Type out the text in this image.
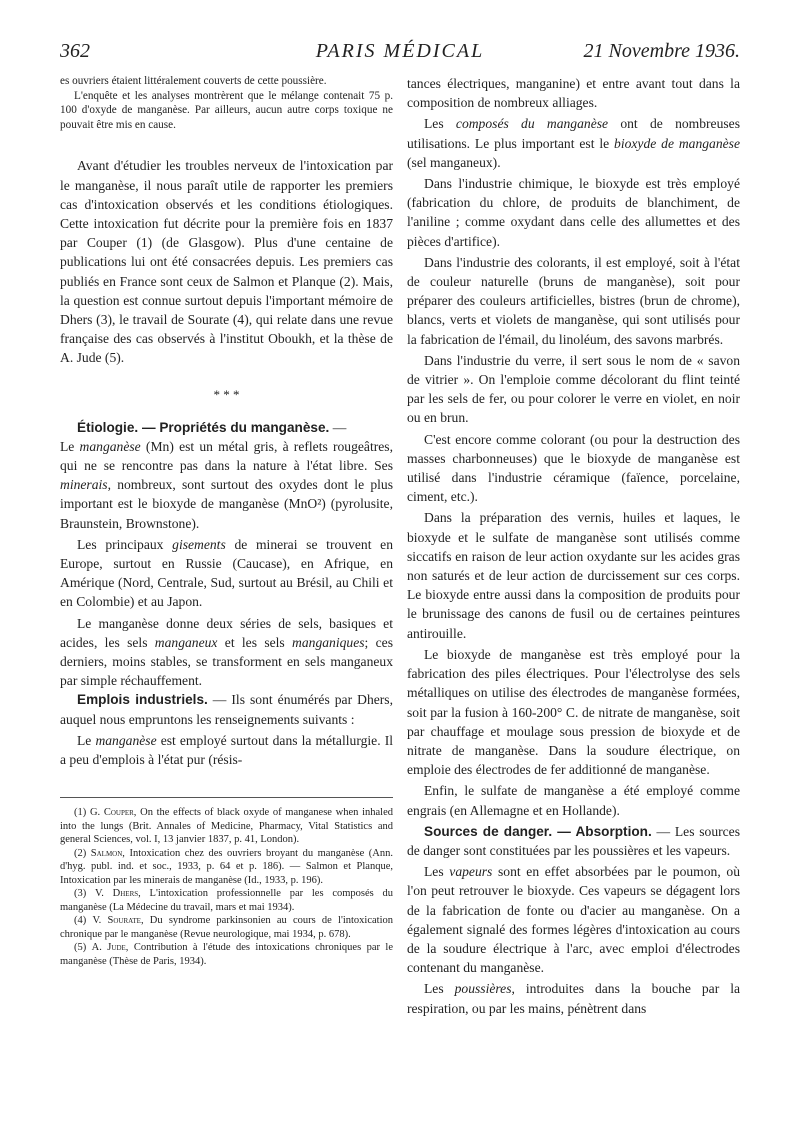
362	PARIS MÉDICAL	21 Novembre 1936.

es ouvriers étaient littéralement couverts de cette poussière.

L'enquête et les analyses montrèrent que le mélange contenait 75 p. 100 d'oxyde de manganèse. Par ailleurs, aucun autre corps toxique ne pouvait être mis en cause.

Avant d'étudier les troubles nerveux de l'intoxication par le manganèse, il nous paraît utile de rapporter les premiers cas d'intoxication observés et les conditions étiologiques. Cette intoxication fut décrite pour la première fois en 1837 par Couper (1) (de Glasgow). Plus d'une centaine de publications lui ont été consacrées depuis. Les premiers cas publiés en France sont ceux de Salmon et Planque (2). Mais, la question est connue surtout depuis l'important mémoire de Dhers (3), le travail de Sourate (4), qui relate dans une revue française des cas observés à l'institut Oboukh, et la thèse de A. Jude (5).

* * *

Étiologie. — Propriétés du manganèse. —
Le manganèse (Mn) est un métal gris, à reflets rougeâtres, qui ne se rencontre pas dans la nature à l'état libre. Ses minerais, nombreux, sont surtout des oxydes dont le plus important est le bioxyde de manganèse (MnO²) (pyrolusite, Braunstein, Brownstone).

Les principaux gisements de minerai se trouvent en Europe, surtout en Russie (Caucase), en Afrique, en Amérique (Nord, Centrale, Sud, surtout au Brésil, au Chili et en Colombie) et au Japon.

Le manganèse donne deux séries de sels, basiques et acides, les sels manganeux et les sels manganiques; ces derniers, moins stables, se transforment en sels manganeux par simple réchauffement.

Emplois industriels. — Ils sont énumérés par Dhers, auquel nous empruntons les renseignements suivants :

Le manganèse est employé surtout dans la métallurgie. Il a peu d'emplois à l'état pur (résis-

(1) G. Couper, On the effects of black oxyde of manganese when inhaled into the lungs (Brit. Annales of Medicine, Pharmacy, Vital Statistics and general Sciences, vol. I, 13 janvier 1837, p. 41, London).

(2) Salmon, Intoxication chez des ouvriers broyant du manganèse (Ann. d'hyg. publ. ind. et soc., 1933, p. 64 et p. 186). — Salmon et Planque, Intoxication par les minerais de manganèse (Id., 1933, p. 196).

(3) V. Dhers, L'intoxication professionnelle par les composés du manganèse (La Médecine du travail, mars et mai 1934).

(4) V. Sourate, Du syndrome parkinsonien au cours de l'intoxication chronique par le manganèse (Revue neurologique, mai 1934, p. 678).

(5) A. Jude, Contribution à l'étude des intoxications chroniques par le manganèse (Thèse de Paris, 1934).

tances électriques, manganine) et entre avant tout dans la composition de nombreux alliages.

Les composés du manganèse ont de nombreuses utilisations. Le plus important est le bioxyde de manganèse (sel manganeux).

Dans l'industrie chimique, le bioxyde est très employé (fabrication du chlore, de produits de blanchiment, de l'aniline ; comme oxydant dans celle des allumettes et des pièces d'artifice).

Dans l'industrie des colorants, il est employé, soit à l'état de couleur naturelle (bruns de manganèse), soit pour préparer des couleurs artificielles, bistres (brun de chrome), blancs, verts et violets de manganèse, qui sont utilisés pour la fabrication de l'émail, du linoléum, des savons marbrés.

Dans l'industrie du verre, il sert sous le nom de « savon de vitrier ». On l'emploie comme décolorant du flint teinté par les sels de fer, ou pour colorer le verre en violet, en noir ou en brun.

C'est encore comme colorant (ou pour la destruction des masses charbonneuses) que le bioxyde de manganèse est utilisé dans l'industrie céramique (faïence, porcelaine, ciment, etc.).

Dans la préparation des vernis, huiles et laques, le bioxyde et le sulfate de manganèse sont utilisés comme siccatifs en raison de leur action oxydante sur les acides gras non saturés et de leur action de durcissement sur ces corps. Le bioxyde entre aussi dans la composition de produits pour le brunissage des canons de fusil ou de certaines peintures antirouille.

Le bioxyde de manganèse est très employé pour la fabrication des piles électriques. Pour l'électrolyse des sels métalliques on utilise des électrodes de manganèse formées, soit par la fusion à 160-200° C. de nitrate de manganèse, soit par chauffage et moulage sous pression de bioxyde et de nitrate de manganèse. Dans la soudure électrique, on emploie des électrodes de fer additionné de manganèse.

Enfin, le sulfate de manganèse a été employé comme engrais (en Allemagne et en Hollande).

Sources de danger. — Absorption. — Les sources de danger sont constituées par les poussières et les vapeurs.

Les vapeurs sont en effet absorbées par le poumon, où l'on peut retrouver le bioxyde. Ces vapeurs se dégagent lors de la fabrication de fonte ou d'acier au manganèse. On a également signalé des formes légères d'intoxication au cours de la soudure électrique à l'arc, avec emploi d'électrodes contenant du manganèse.

Les poussières, introduites dans la bouche par la respiration, ou par les mains, pénètrent dans
